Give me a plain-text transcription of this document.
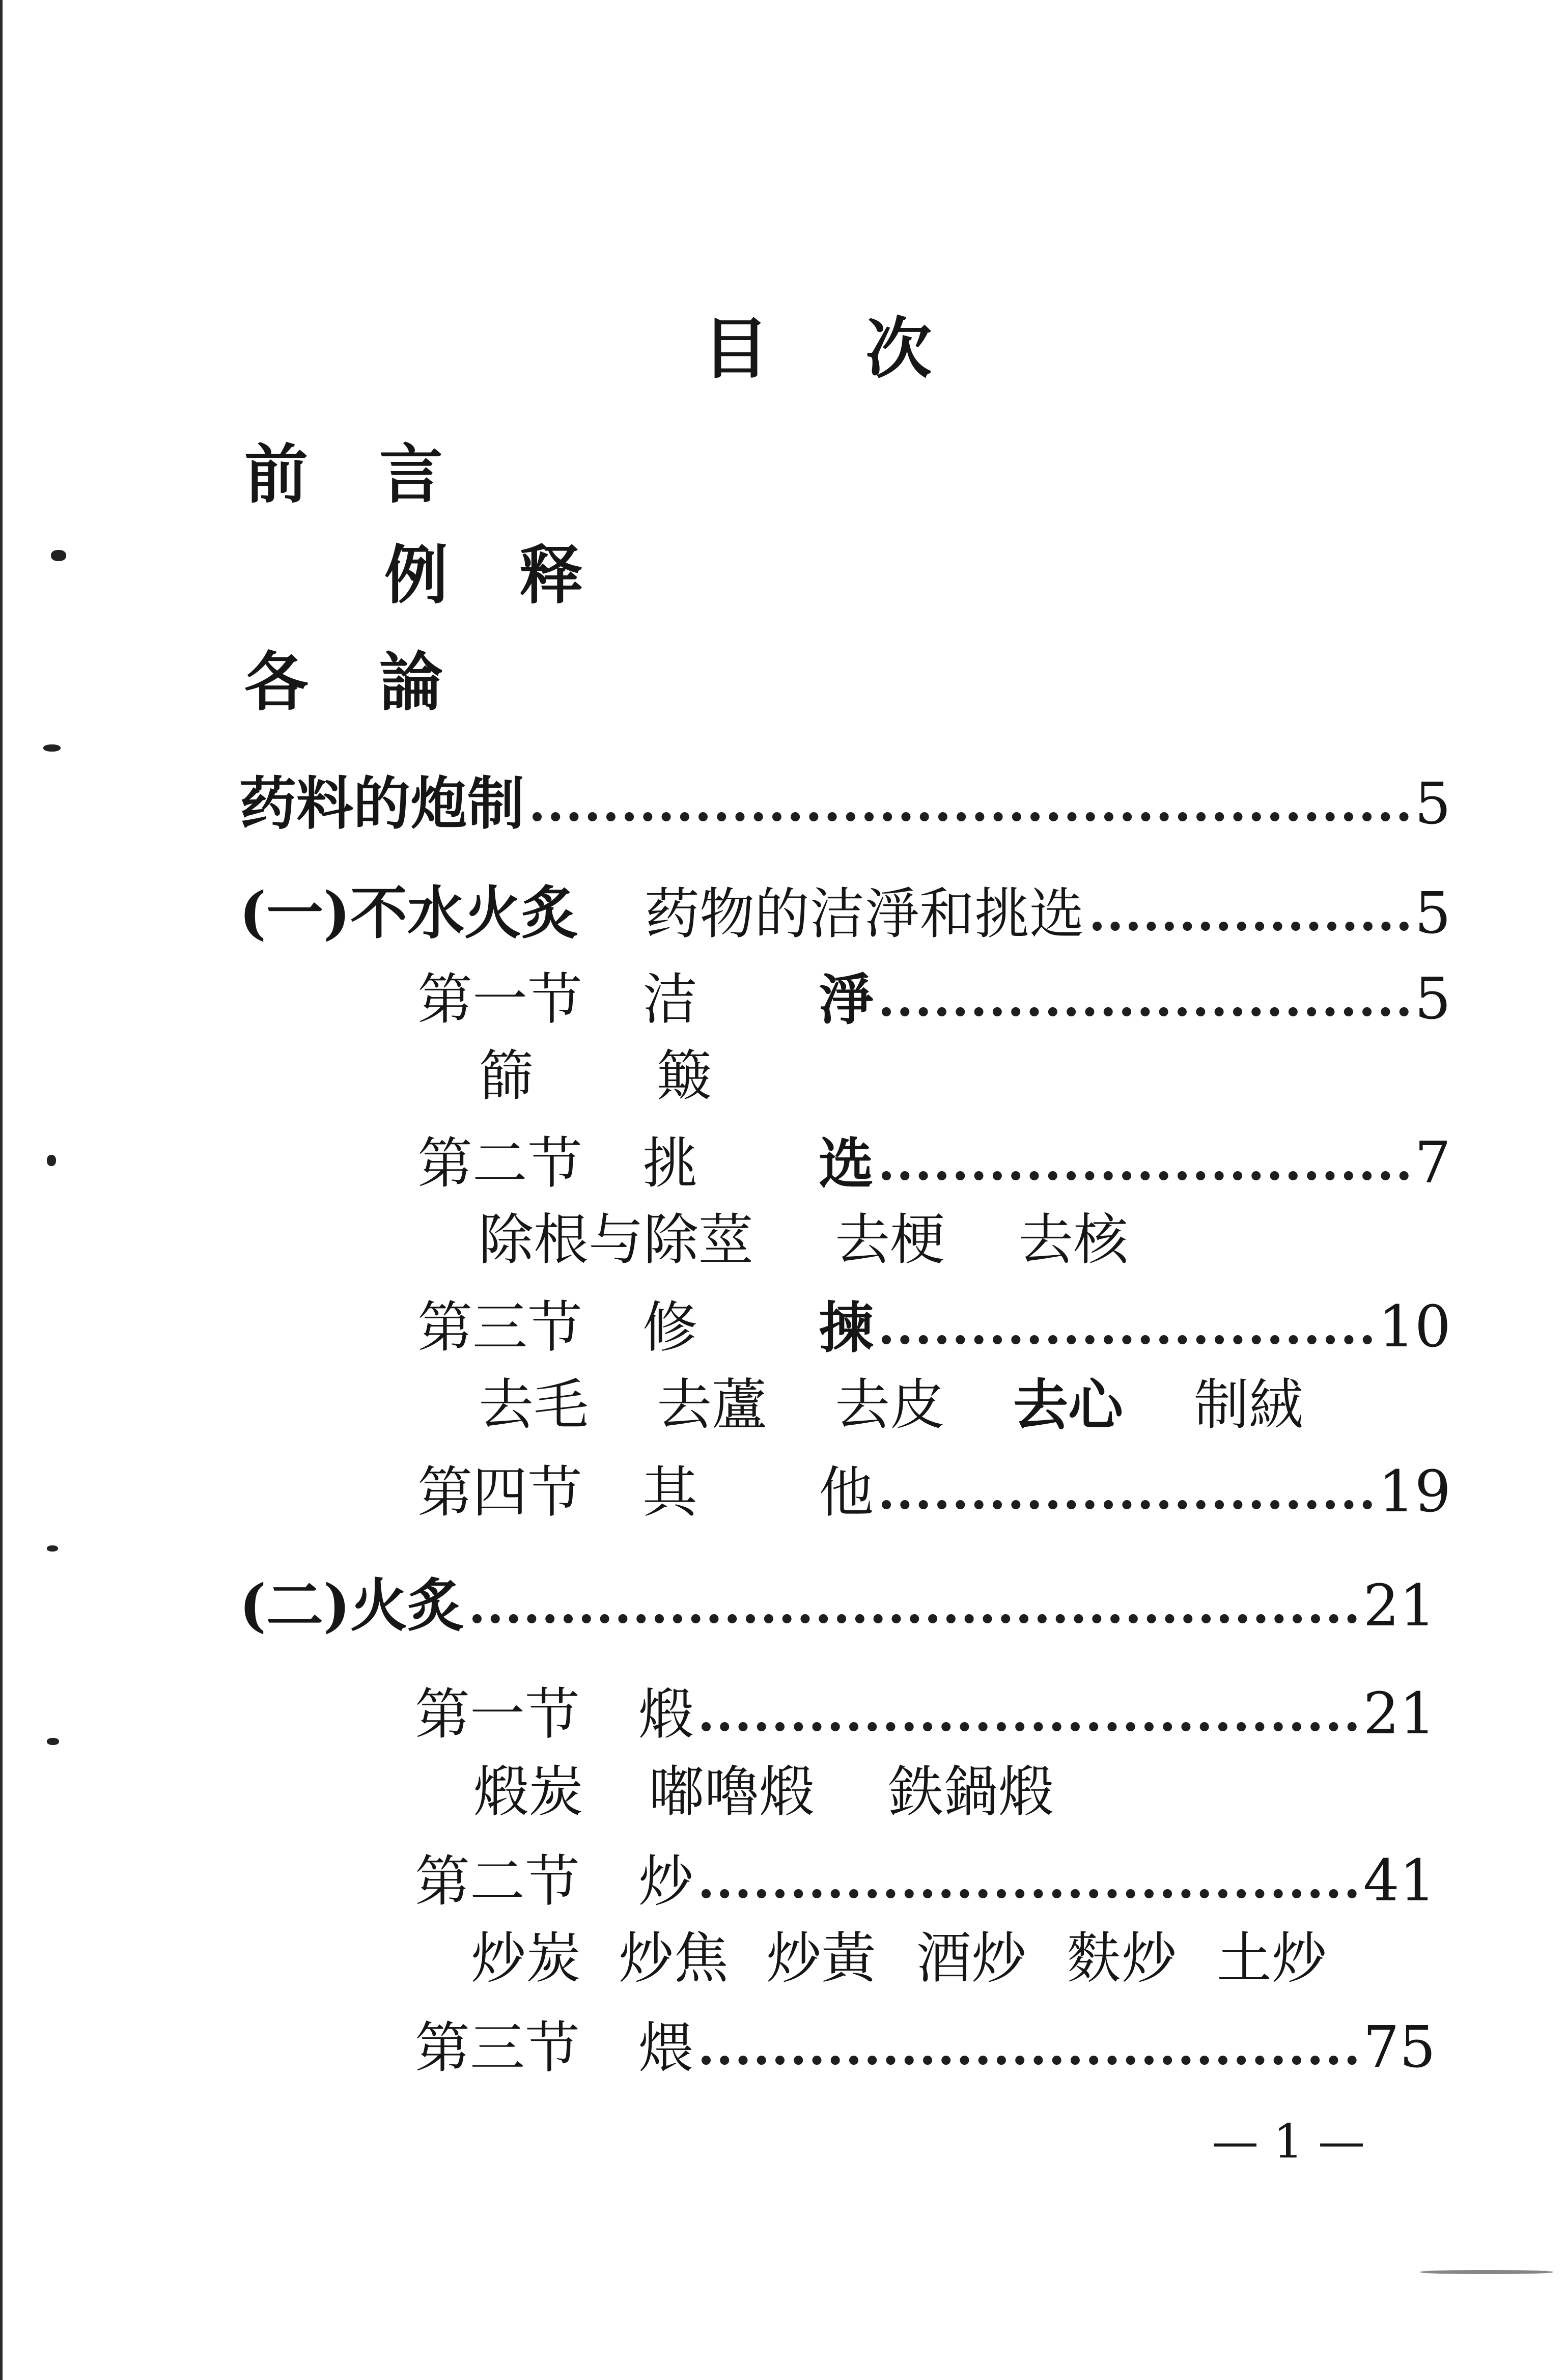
目次
前言
例释
各論
药料的炮制	5
(一)不水火炙 药物的洁淨和挑选	5
第一节 洁 淨	5
篩 簸
第二节 挑 选	7
除根与除莖 去梗 去核
第三节 修 揀	10
去毛 去蘆 去皮 去心 制絨
第四节 其 他	19
(二)火炙	21
第一节 煅	21
煅炭 嘟嚕煅 鉄鍋煅
第二节 炒	41
炒炭 炒焦 炒黃 酒炒 麩炒 土炒
第三节 煨	75
— 1 —
